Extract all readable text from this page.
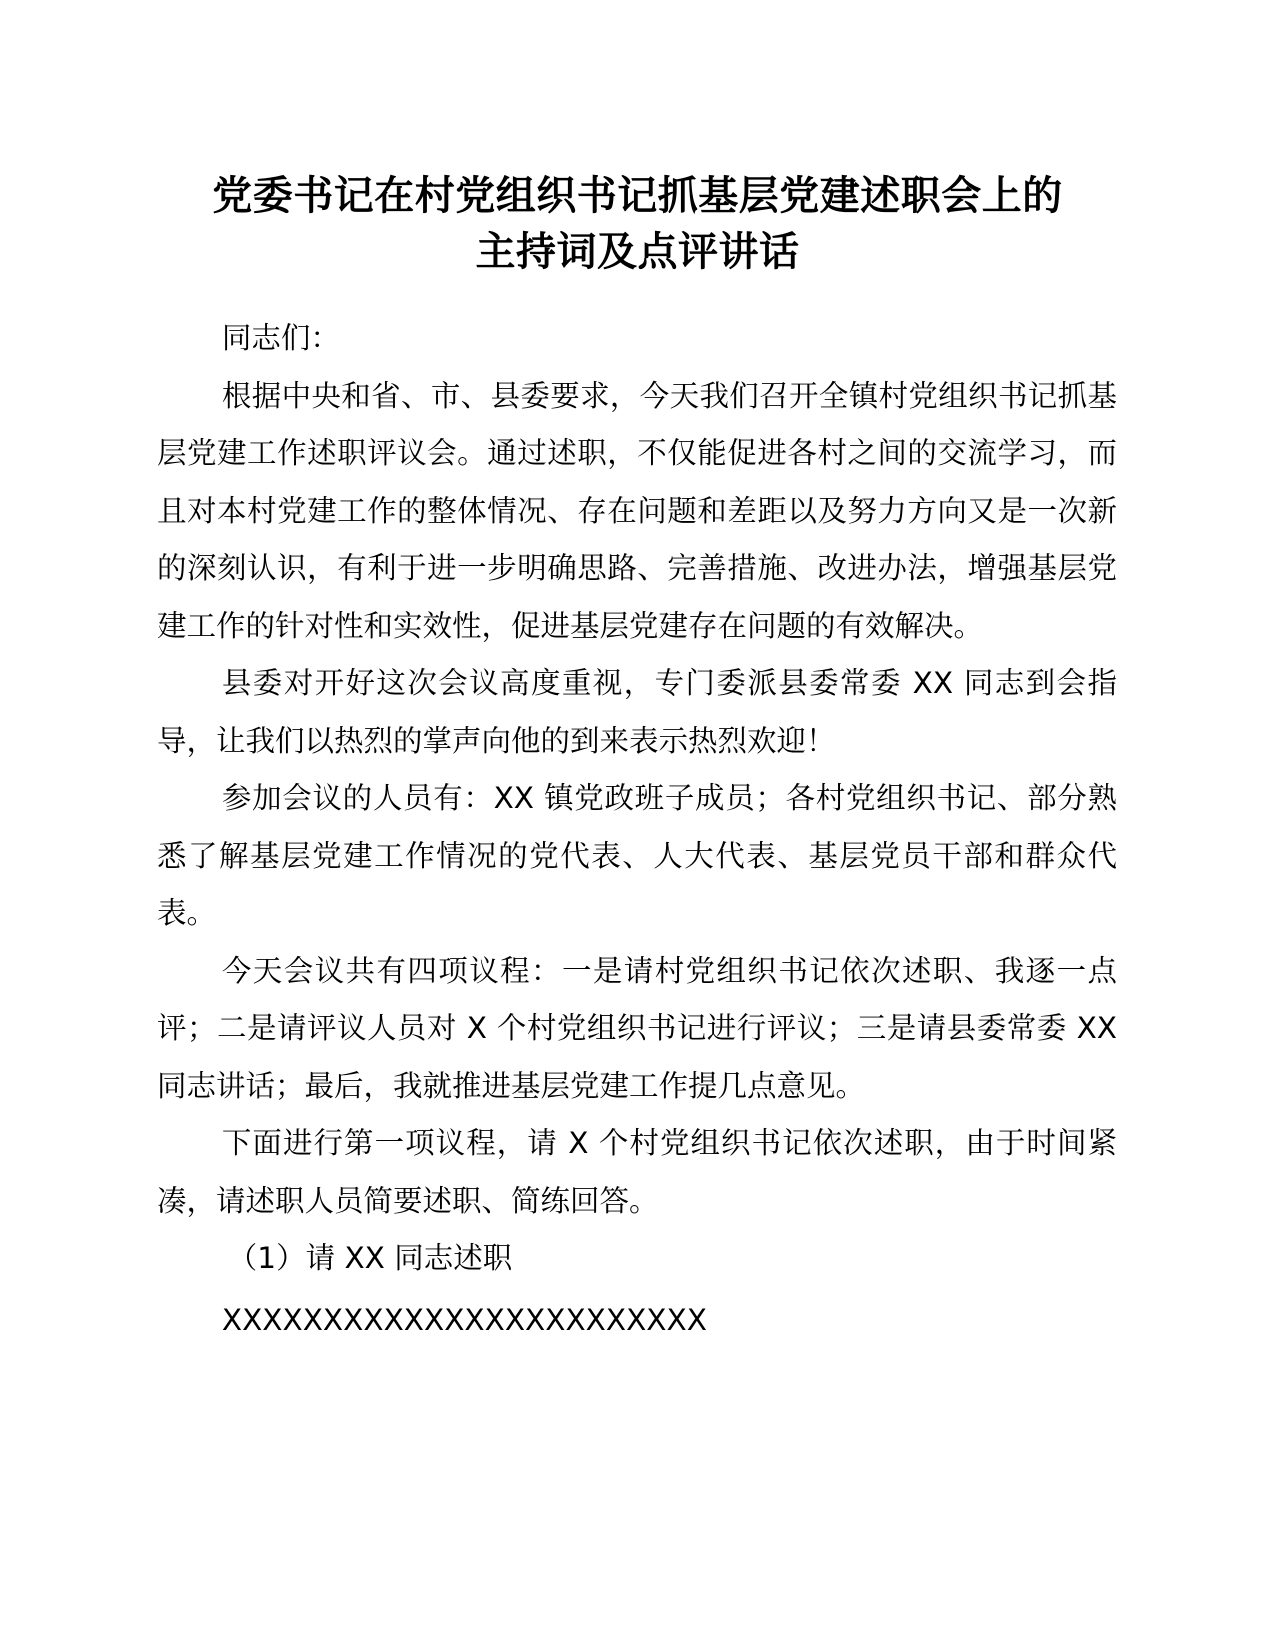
党委书记在村党组织书记抓基层党建述职会上的
主持词及点评讲话

同志们：

根据中央和省、市、县委要求，今天我们召开全镇村党组织书记抓基层党建工作述职评议会。通过述职，不仅能促进各村之间的交流学习，而且对本村党建工作的整体情况、存在问题和差距以及努力方向又是一次新的深刻认识，有利于进一步明确思路、完善措施、改进办法，增强基层党建工作的针对性和实效性，促进基层党建存在问题的有效解决。

县委对开好这次会议高度重视，专门委派县委常委 XX 同志到会指导，让我们以热烈的掌声向他的到来表示热烈欢迎！

参加会议的人员有：XX 镇党政班子成员；各村党组织书记、部分熟悉了解基层党建工作情况的党代表、人大代表、基层党员干部和群众代表。

今天会议共有四项议程：一是请村党组织书记依次述职、我逐一点评；二是请评议人员对 X 个村党组织书记进行评议；三是请县委常委 XX 同志讲话；最后，我就推进基层党建工作提几点意见。

下面进行第一项议程，请 X 个村党组织书记依次述职，由于时间紧凑，请述职人员简要述职、简练回答。

（1）请 XX 同志述职

XXXXXXXXXXXXXXXXXXXXXXXX
